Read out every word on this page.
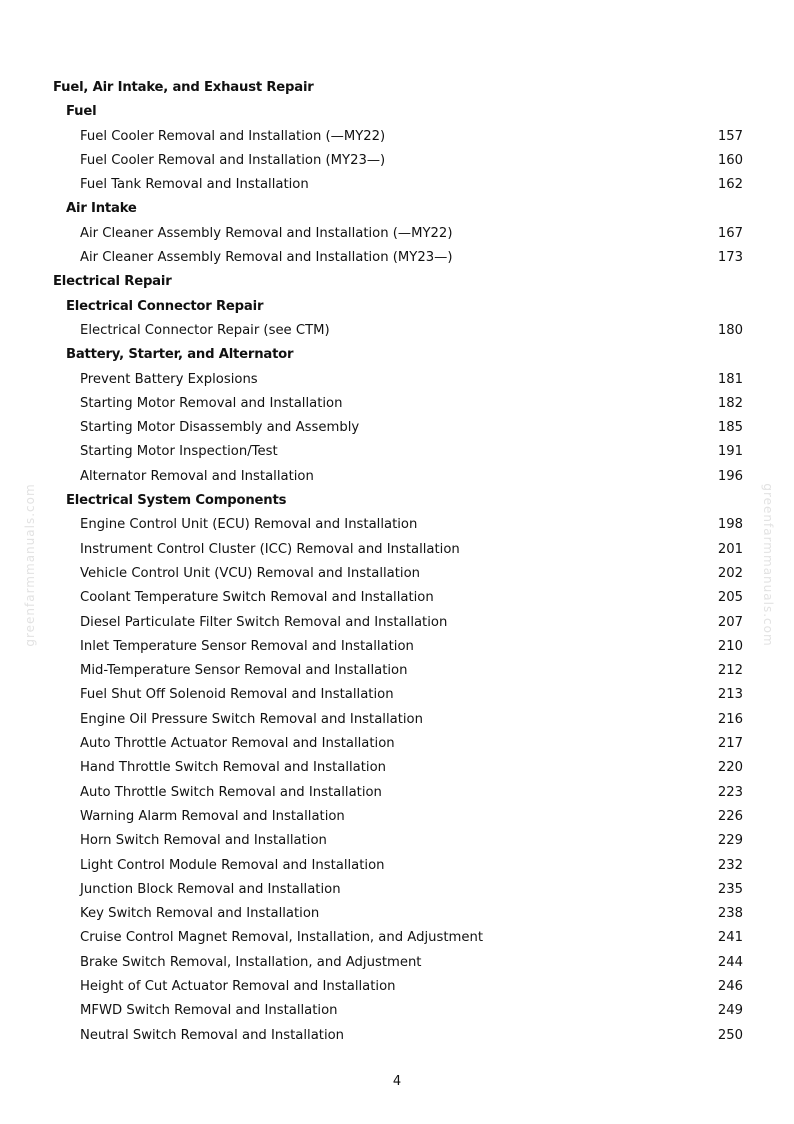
greenfarmmanuals.com	greenfarmmanuals.com
Fuel, Air Intake, and Exhaust Repair
Fuel
Fuel Cooler Removal and Installation (—MY22)	157
Fuel Cooler Removal and Installation (MY23—)	160
Fuel Tank Removal and Installation	162
Air Intake
Air Cleaner Assembly Removal and Installation (—MY22)	167
Air Cleaner Assembly Removal and Installation (MY23—)	173
Electrical Repair
Electrical Connector Repair
Electrical Connector Repair (see CTM)	180
Battery, Starter, and Alternator
Prevent Battery Explosions	181
Starting Motor Removal and Installation	182
Starting Motor Disassembly and Assembly	185
Starting Motor Inspection/Test	191
Alternator Removal and Installation	196
Electrical System Components
Engine Control Unit (ECU) Removal and Installation	198
Instrument Control Cluster (ICC) Removal and Installation	201
Vehicle Control Unit (VCU) Removal and Installation	202
Coolant Temperature Switch Removal and Installation	205
Diesel Particulate Filter Switch Removal and Installation	207
Inlet Temperature Sensor Removal and Installation	210
Mid-Temperature Sensor Removal and Installation	212
Fuel Shut Off Solenoid Removal and Installation	213
Engine Oil Pressure Switch Removal and Installation	216
Auto Throttle Actuator Removal and Installation	217
Hand Throttle Switch Removal and Installation	220
Auto Throttle Switch Removal and Installation	223
Warning Alarm Removal and Installation	226
Horn Switch Removal and Installation	229
Light Control Module Removal and Installation	232
Junction Block Removal and Installation	235
Key Switch Removal and Installation	238
Cruise Control Magnet Removal, Installation, and Adjustment	241
Brake Switch Removal, Installation, and Adjustment	244
Height of Cut Actuator Removal and Installation	246
MFWD Switch Removal and Installation	249
Neutral Switch Removal and Installation	250
4
